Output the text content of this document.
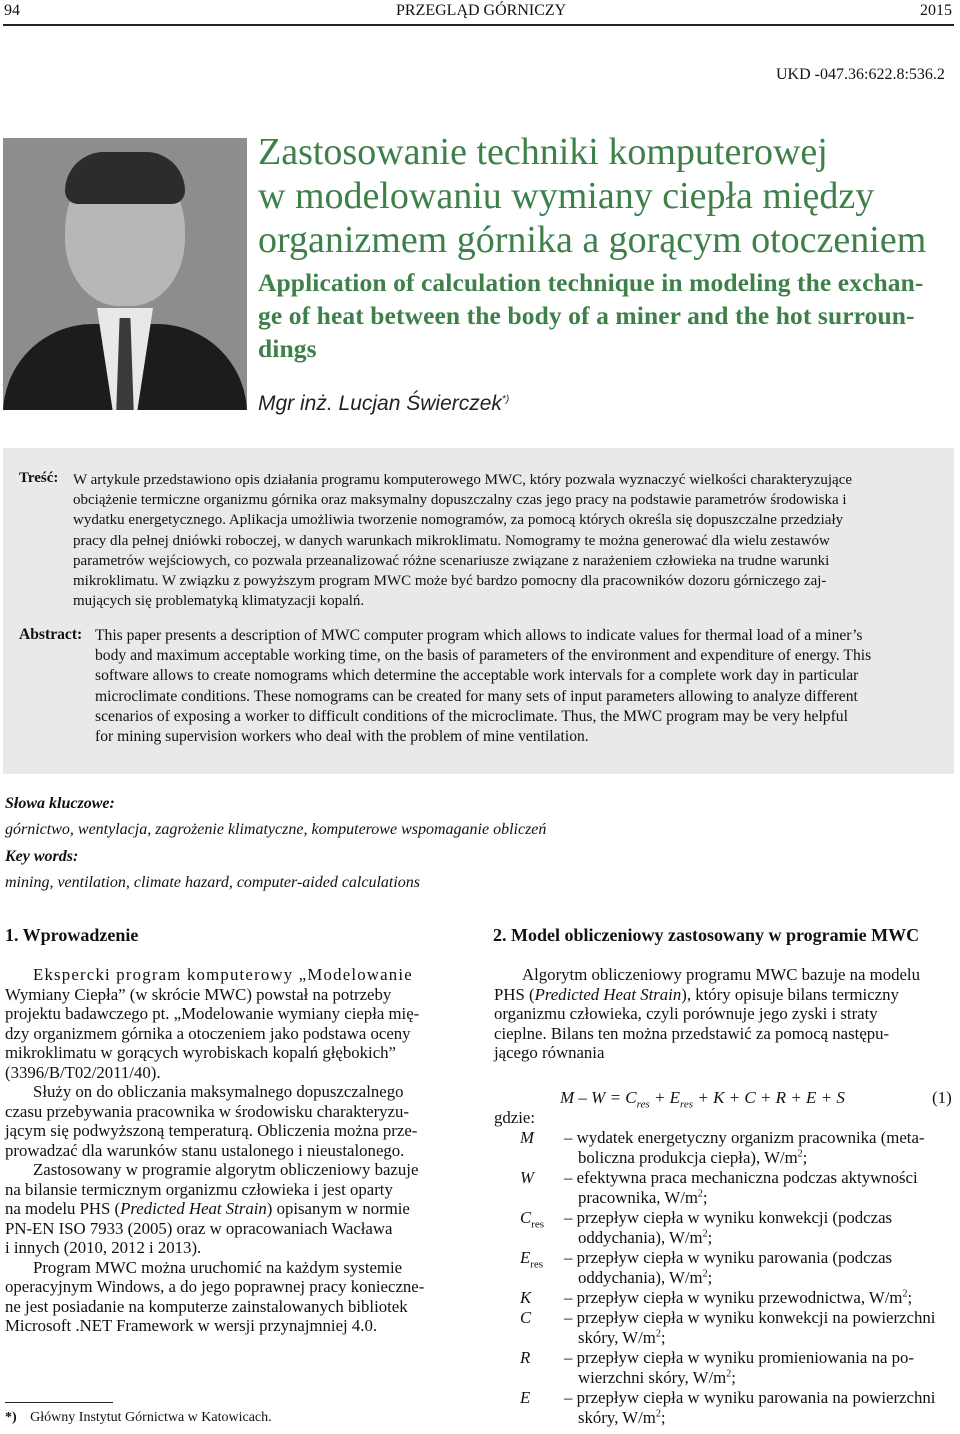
94	PRZEGLĄD GÓRNICZY	2015
UKD -047.36:622.8:536.2
Zastosowanie techniki komputerowej
w modelowaniu wymiany ciepła między
organizmem górnika a gorącym otoczeniem
Application of calculation technique in modeling the exchan-
ge of heat between the body of a miner and the hot surroun-
dings
Mgr inż. Lucjan Świerczek*)
Treść: W artykule przedstawiono opis działania programu komputerowego MWC, który pozwala wyznaczyć wielkości charakteryzujące
obciążenie termiczne organizmu górnika oraz maksymalny dopuszczalny czas jego pracy na podstawie parametrów środowiska i
wydatku energetycznego. Aplikacja umożliwia tworzenie nomogramów, za pomocą których określa się dopuszczalne przedziały
pracy dla pełnej dniówki roboczej, w danych warunkach mikroklimatu. Nomogramy te można generować dla wielu zestawów
parametrów wejściowych, co pozwala przeanalizować różne scenariusze związane z narażeniem człowieka na trudne warunki
mikroklimatu. W związku z powyższym program MWC może być bardzo pomocny dla pracowników dozoru górniczego zaj-
mujących się problematyką klimatyzacji kopalń.
Abstract: This paper presents a description of MWC computer program which allows to indicate values for thermal load of a miner’s
body and maximum acceptable working time, on the basis of parameters of the environment and expenditure of energy. This
software allows to create nomograms which determine the acceptable work intervals for a complete work day in particular
microclimate conditions. These nomograms can be created for many sets of input parameters allowing to analyze different
scenarios of exposing a worker to difficult conditions of the microclimate. Thus, the MWC program may be very helpful
for mining supervision workers who deal with the problem of mine ventilation.
Słowa kluczowe:
górnictwo, wentylacja, zagrożenie klimatyczne, komputerowe wspomaganie obliczeń
Key words:
mining, ventilation, climate hazard, computer-aided calculations
1. Wprowadzenie
Ekspercki program komputerowy „Modelowanie
Wymiany Ciepła” (w skrócie MWC) powstał na potrzeby
projektu badawczego pt. „Modelowanie wymiany ciepła mię-
dzy organizmem górnika a otoczeniem jako podstawa oceny
mikroklimatu w gorących wyrobiskach kopalń głębokich”
(3396/B/T02/2011/40).
Służy on do obliczania maksymalnego dopuszczalnego
czasu przebywania pracownika w środowisku charakteryzu-
jącym się podwyższoną temperaturą. Obliczenia można prze-
prowadzać dla warunków stanu ustalonego i nieustalonego.
Zastosowany w programie algorytm obliczeniowy bazuje
na bilansie termicznym organizmu człowieka i jest oparty
na modelu PHS (Predicted Heat Strain) opisanym w normie
PN-EN ISO 7933 (2005) oraz w opracowaniach Wacława
i innych (2010, 2012 i 2013).
Program MWC można uruchomić na każdym systemie
operacyjnym Windows, a do jego poprawnej pracy konieczne-
ne jest posiadanie na komputerze zainstalowanych bibliotek
Microsoft .NET Framework w wersji przynajmniej 4.0.
*) Główny Instytut Górnictwa w Katowicach.
2. Model obliczeniowy zastosowany w programie MWC
Algorytm obliczeniowy programu MWC bazuje na modelu
PHS (Predicted Heat Strain), który opisuje bilans termiczny
organizmu człowieka, czyli porównuje jego zyski i straty
cieplne. Bilans ten można przedstawić za pomocą następu-
jącego równania
$M - W = C_{res} + E_{res} + K + C + R + E + S$	(1)
gdzie:
M – wydatek energetyczny organizm pracownika (meta-
boliczna produkcja ciepła), $W/m^2$;
W – efektywna praca mechaniczna podczas aktywności
pracownika, $W/m^2$;
$C_{res}$ – przepływ ciepła w wyniku konwekcji (podczas
oddychania), $W/m^2$;
$E_{res}$ – przepływ ciepła w wyniku parowania (podczas
oddychania), $W/m^2$;
K – przepływ ciepła w wyniku przewodnictwa, $W/m^2$;
C – przepływ ciepła w wyniku konwekcji na powierzchni
skóry, $W/m^2$;
R – przepływ ciepła w wyniku promieniowania na po-
wierzchni skóry, $W/m^2$;
E – przepływ ciepła w wyniku parowania na powierzchni
skóry, $W/m^2$;
